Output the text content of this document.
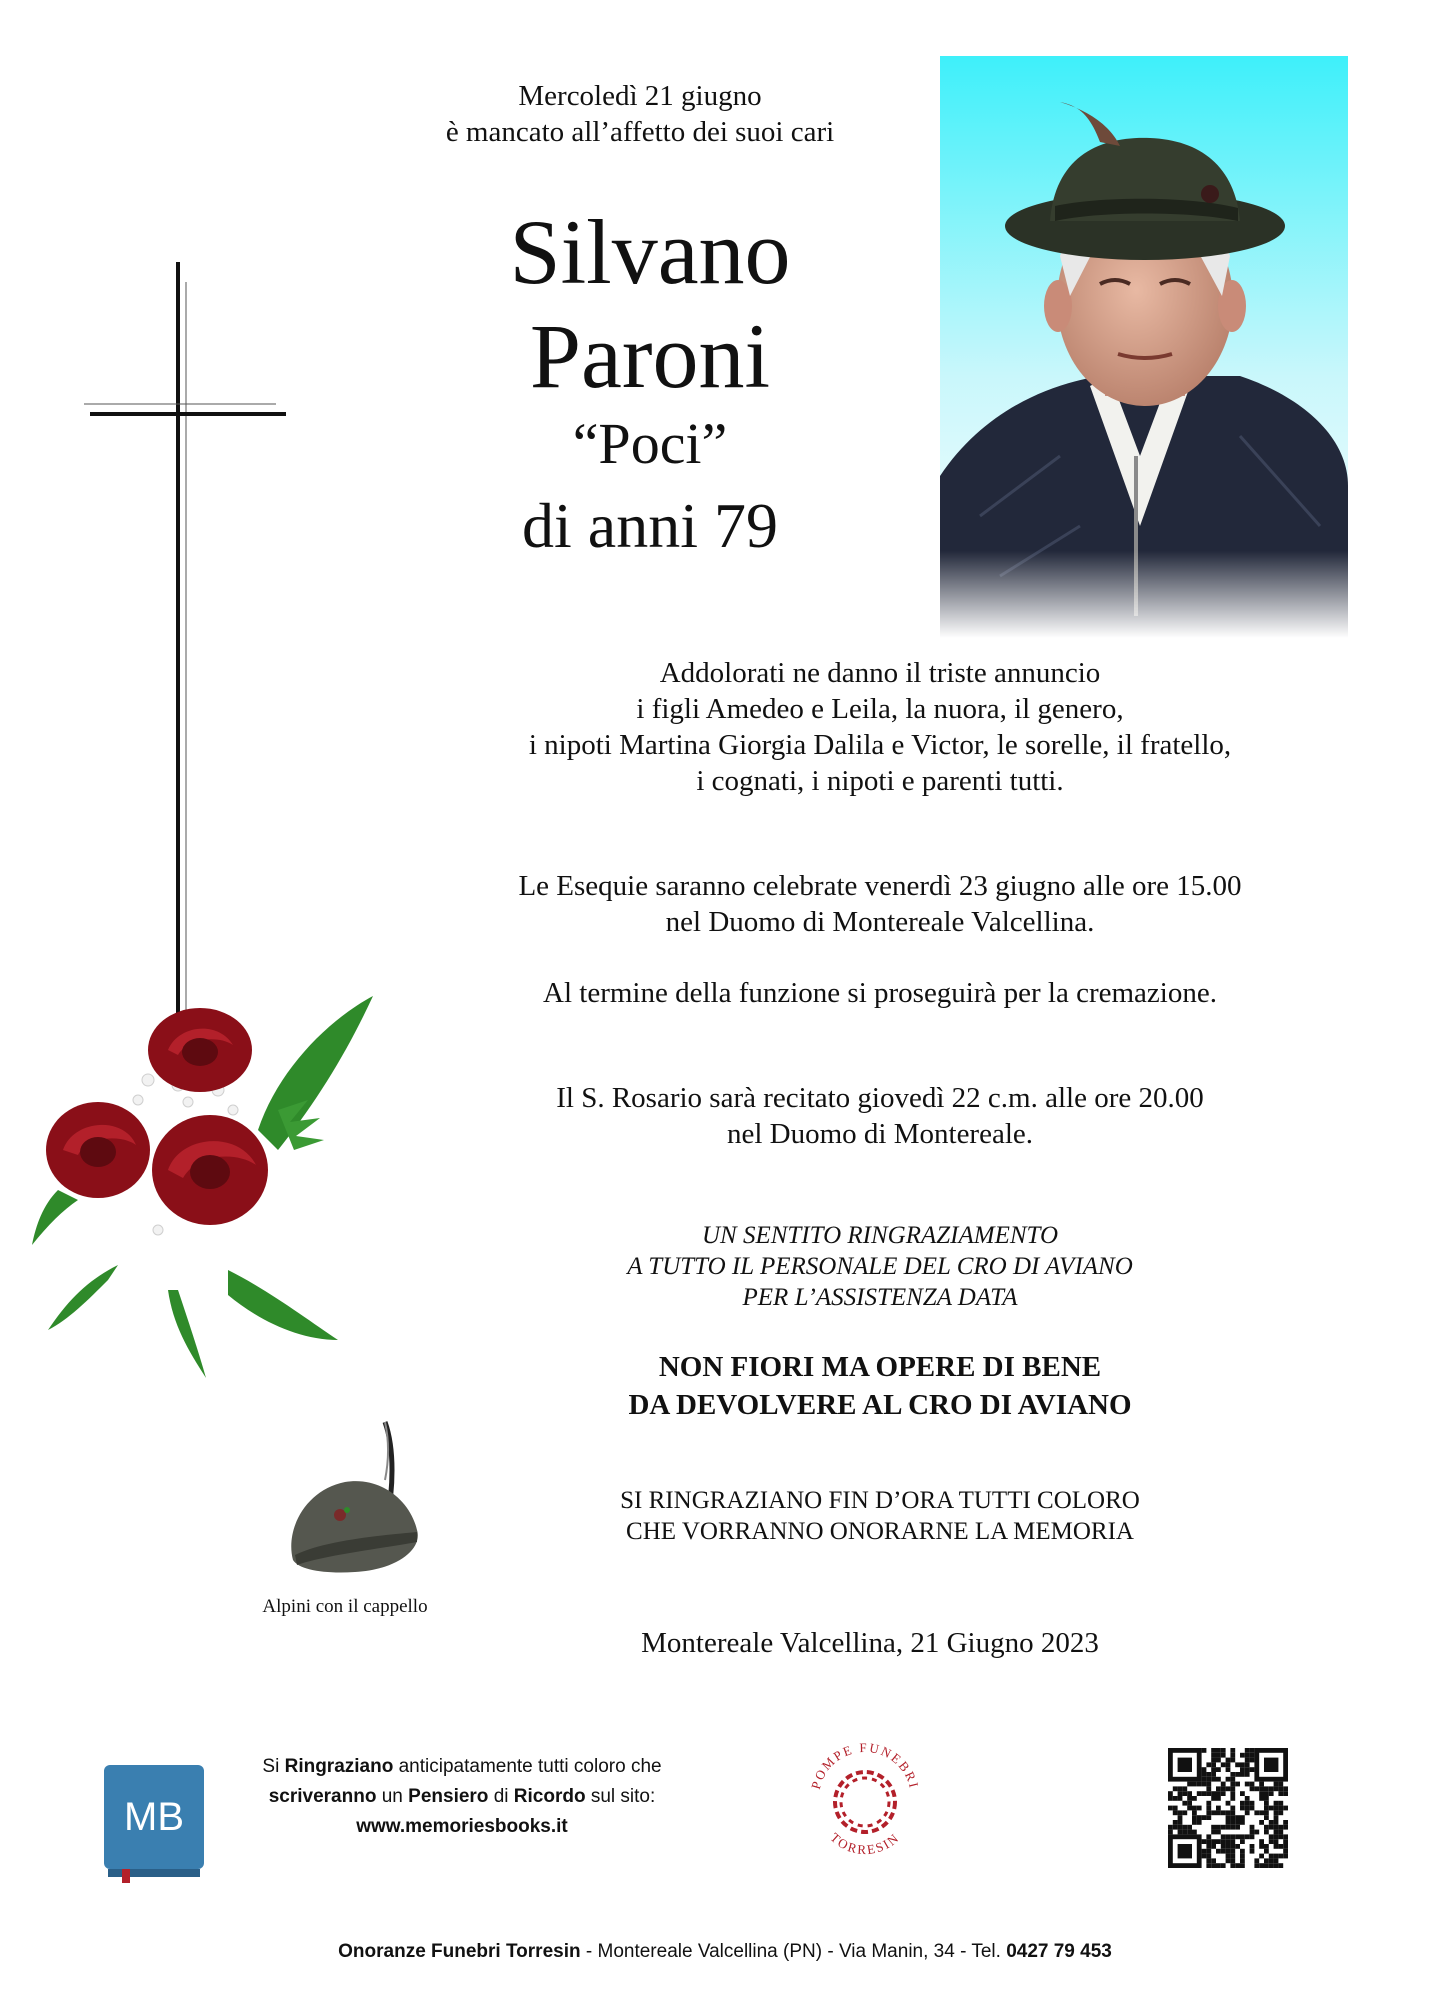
Mercoledì 21 giugno
è mancato all’affetto dei suoi cari
Silvano
Paroni
“Poci”
di anni 79
Addolorati ne danno il triste annuncio
i figli Amedeo e Leila, la nuora, il genero,
i nipoti Martina Giorgia Dalila e Victor, le sorelle, il fratello,
i cognati, i nipoti e parenti tutti.
Le Esequie saranno celebrate venerdì 23 giugno alle ore 15.00
nel Duomo di Montereale Valcellina.
Al termine della funzione si proseguirà per la cremazione.
Il S. Rosario sarà recitato giovedì 22 c.m. alle ore 20.00
nel Duomo di Montereale.
UN SENTITO RINGRAZIAMENTO
A TUTTO IL PERSONALE DEL CRO DI AVIANO
PER L’ASSISTENZA DATA
NON FIORI MA OPERE DI BENE
DA DEVOLVERE AL CRO DI AVIANO
SI RINGRAZIANO FIN D’ORA TUTTI COLORO
CHE VORRANNO ONORARNE LA MEMORIA
Alpini con il cappello
Montereale Valcellina, 21 Giugno 2023
MB
Si Ringraziano anticipatamente tutti coloro che
scriveranno un Pensiero di Ricordo sul sito:
www.memoriesbooks.it
POMPE FUNEBRI
TORRESIN
Onoranze Funebri Torresin - Montereale Valcellina (PN) - Via Manin, 34 - Tel. 0427 79 453
